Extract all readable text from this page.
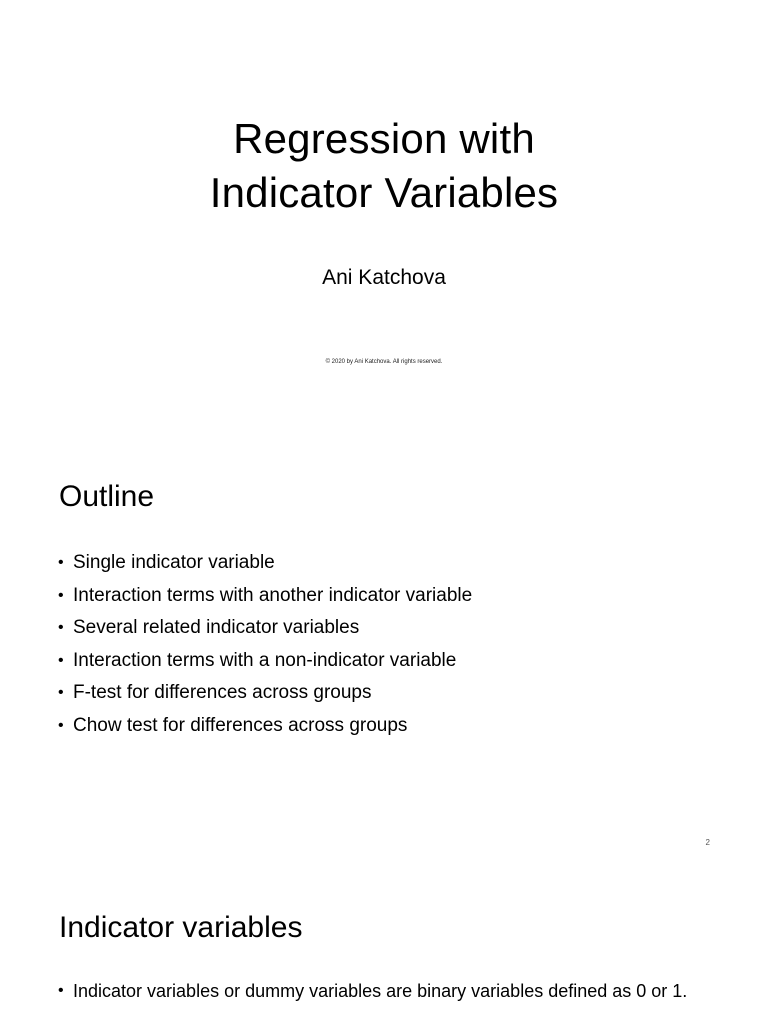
Regression with
Indicator Variables
Ani Katchova
© 2020 by Ani Katchova. All rights reserved.
Outline
• Single indicator variable
• Interaction terms with another indicator variable
• Several related indicator variables
• Interaction terms with a non-indicator variable
• F-test for differences across groups
• Chow test for differences across groups
2
Indicator variables
• Indicator variables or dummy variables are binary variables defined as 0 or 1.
